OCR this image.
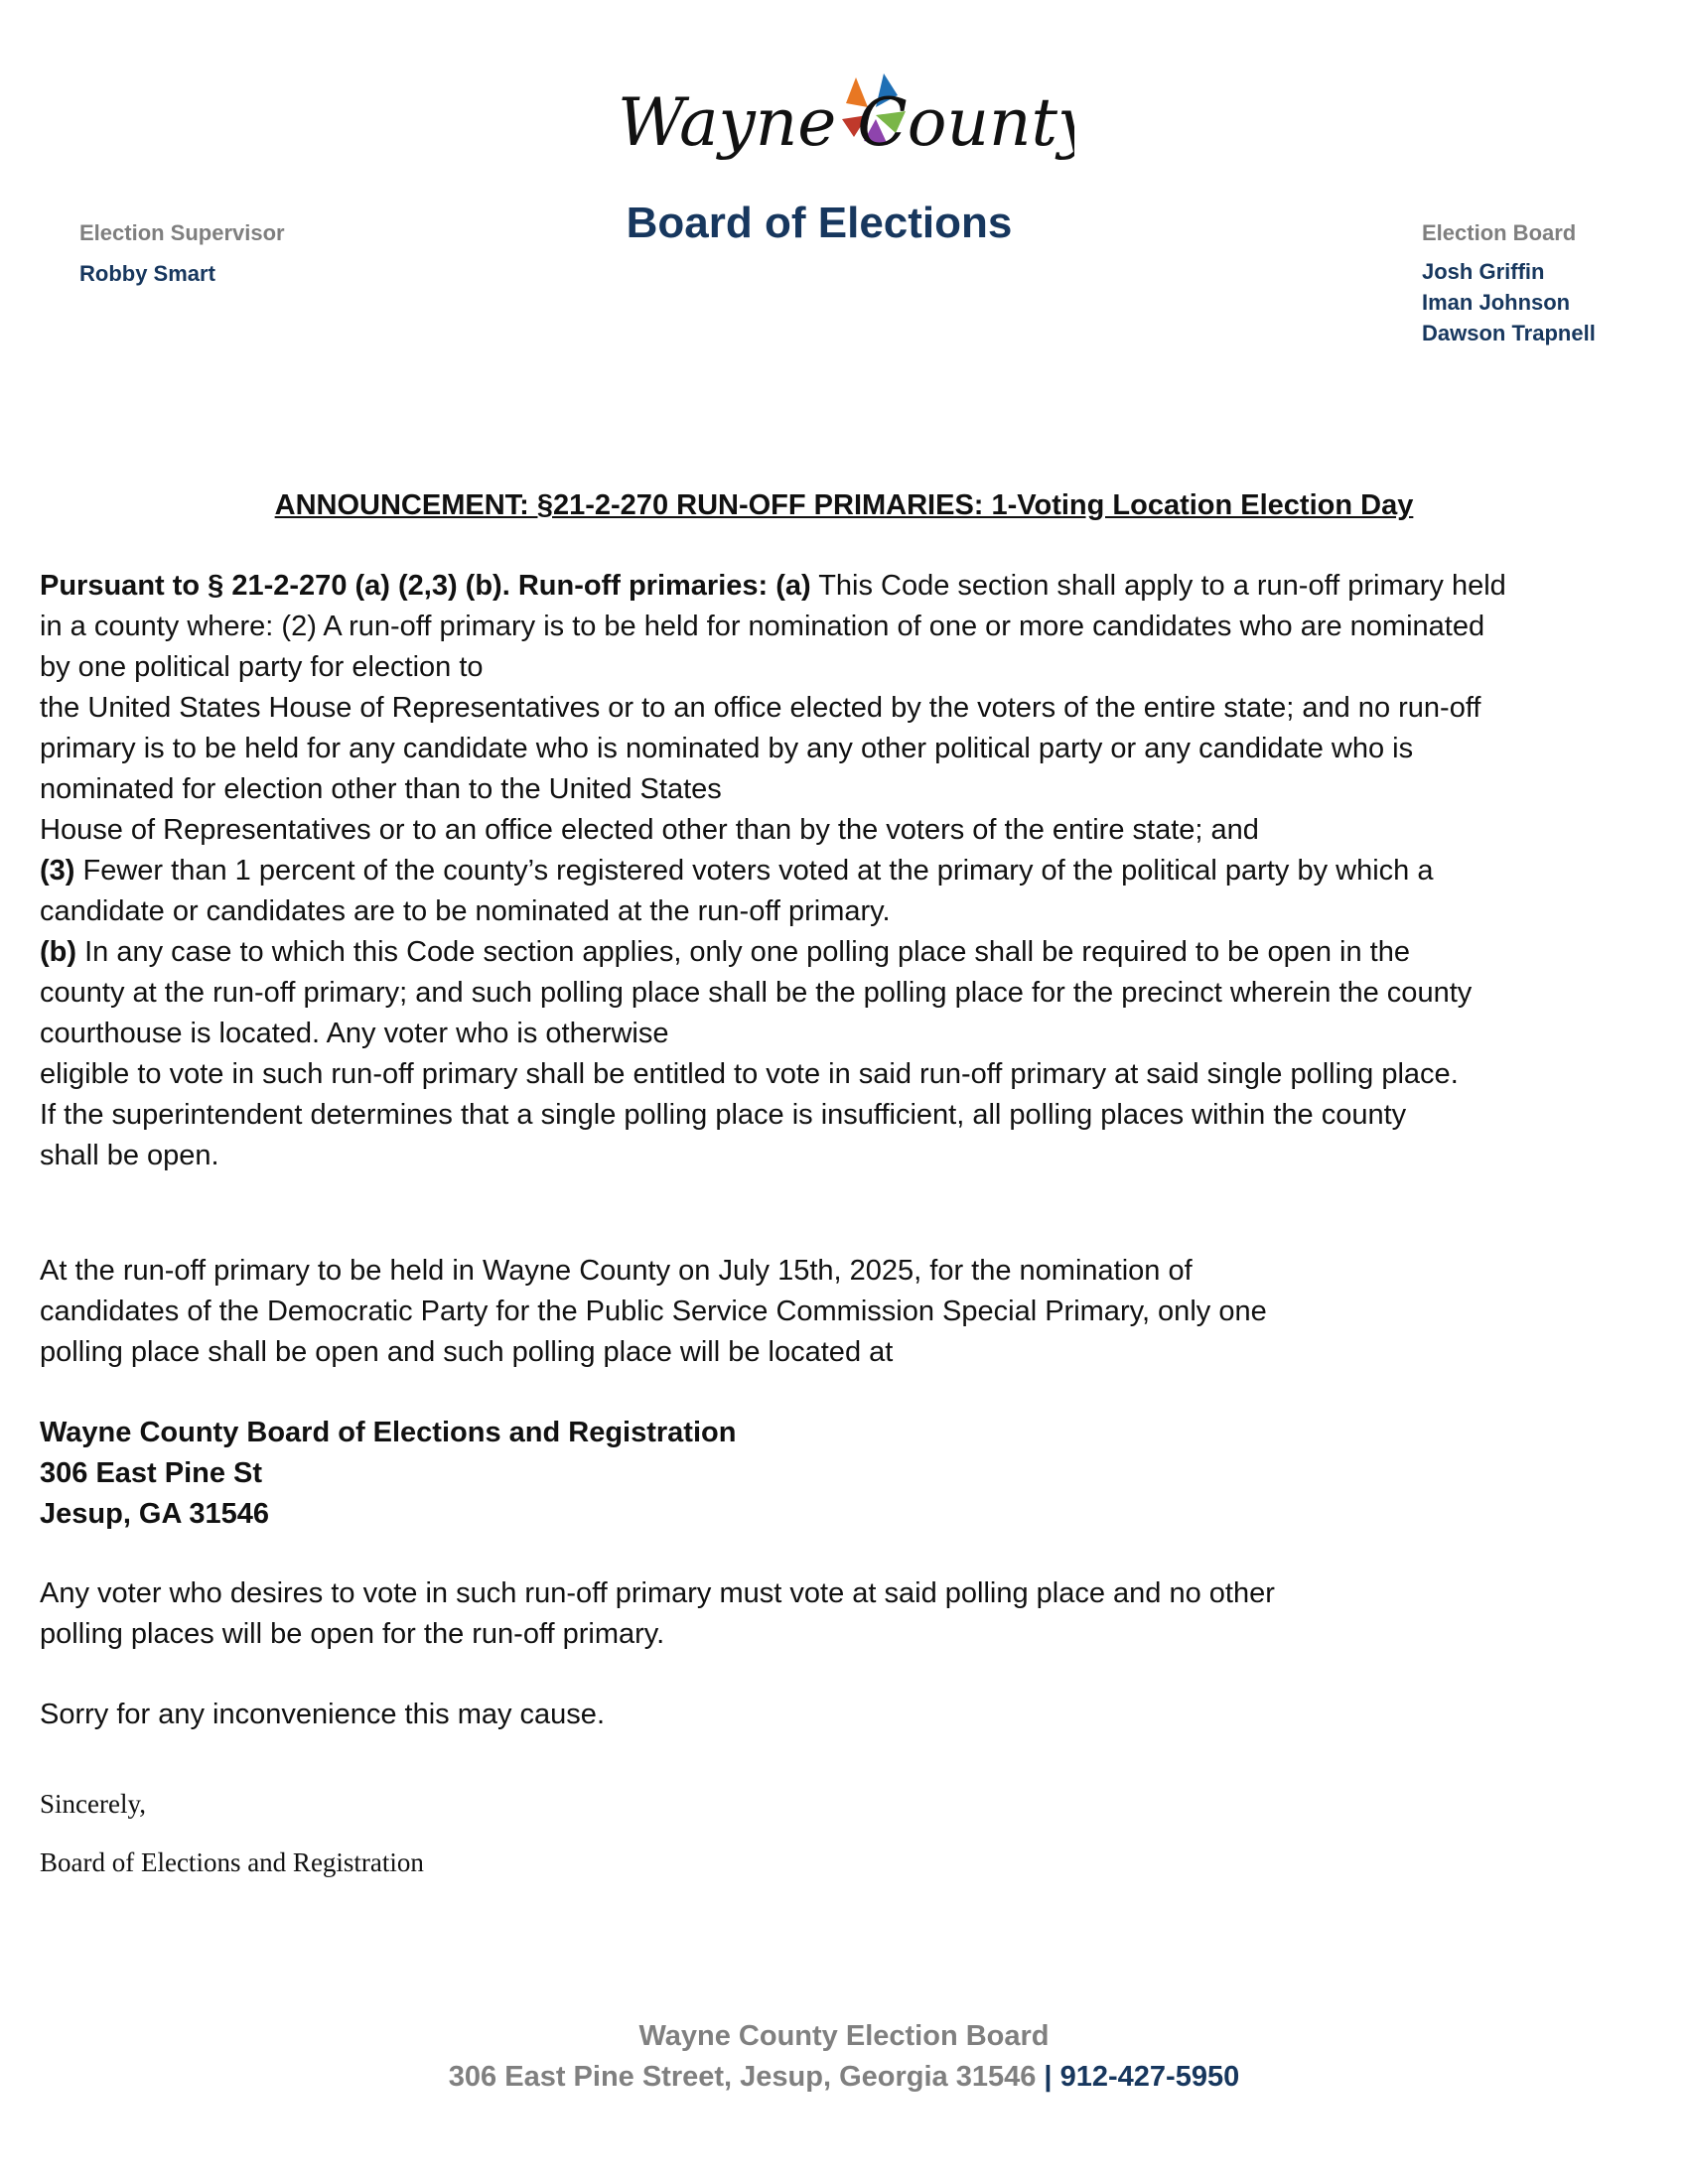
Wayne County
Board of Elections
Election Supervisor
Robby Smart
Election Board
Josh Griffin
Iman Johnson
Dawson Trapnell
ANNOUNCEMENT: §21-2-270 RUN-OFF PRIMARIES: 1-Voting Location Election Day

Pursuant to § 21-2-270 (a) (2,3) (b). Run-off primaries: (a) This Code section shall apply to a run-off primary held

in a county where: (2) A run-off primary is to be held for nomination of one or more candidates who are nominated

by one political party for election to

the United States House of Representatives or to an office elected by the voters of the entire state; and no run-off

primary is to be held for any candidate who is nominated by any other political party or any candidate who is

nominated for election other than to the United States

House of Representatives or to an office elected other than by the voters of the entire state; and

(3) Fewer than 1 percent of the county’s registered voters voted at the primary of the political party by which a

candidate or candidates are to be nominated at the run-off primary.

(b) In any case to which this Code section applies, only one polling place shall be required to be open in the

county at the run-off primary; and such polling place shall be the polling place for the precinct wherein the county

courthouse is located. Any voter who is otherwise

eligible to vote in such run-off primary shall be entitled to vote in said run-off primary at said single polling place.

If the superintendent determines that a single polling place is insufficient, all polling places within the county

shall be open.

At the run-off primary to be held in Wayne County on July 15th, 2025, for the nomination of

candidates of the Democratic Party for the Public Service Commission Special Primary, only one

polling place shall be open and such polling place will be located at

Wayne County Board of Elections and Registration

306 East Pine St

Jesup, GA 31546

Any voter who desires to vote in such run-off primary must vote at said polling place and no other

polling places will be open for the run-off primary.

Sorry for any inconvenience this may cause.
Sincerely,
Board of Elections and Registration
Wayne County Election Board
306 East Pine Street, Jesup, Georgia 31546 | 912-427-5950
